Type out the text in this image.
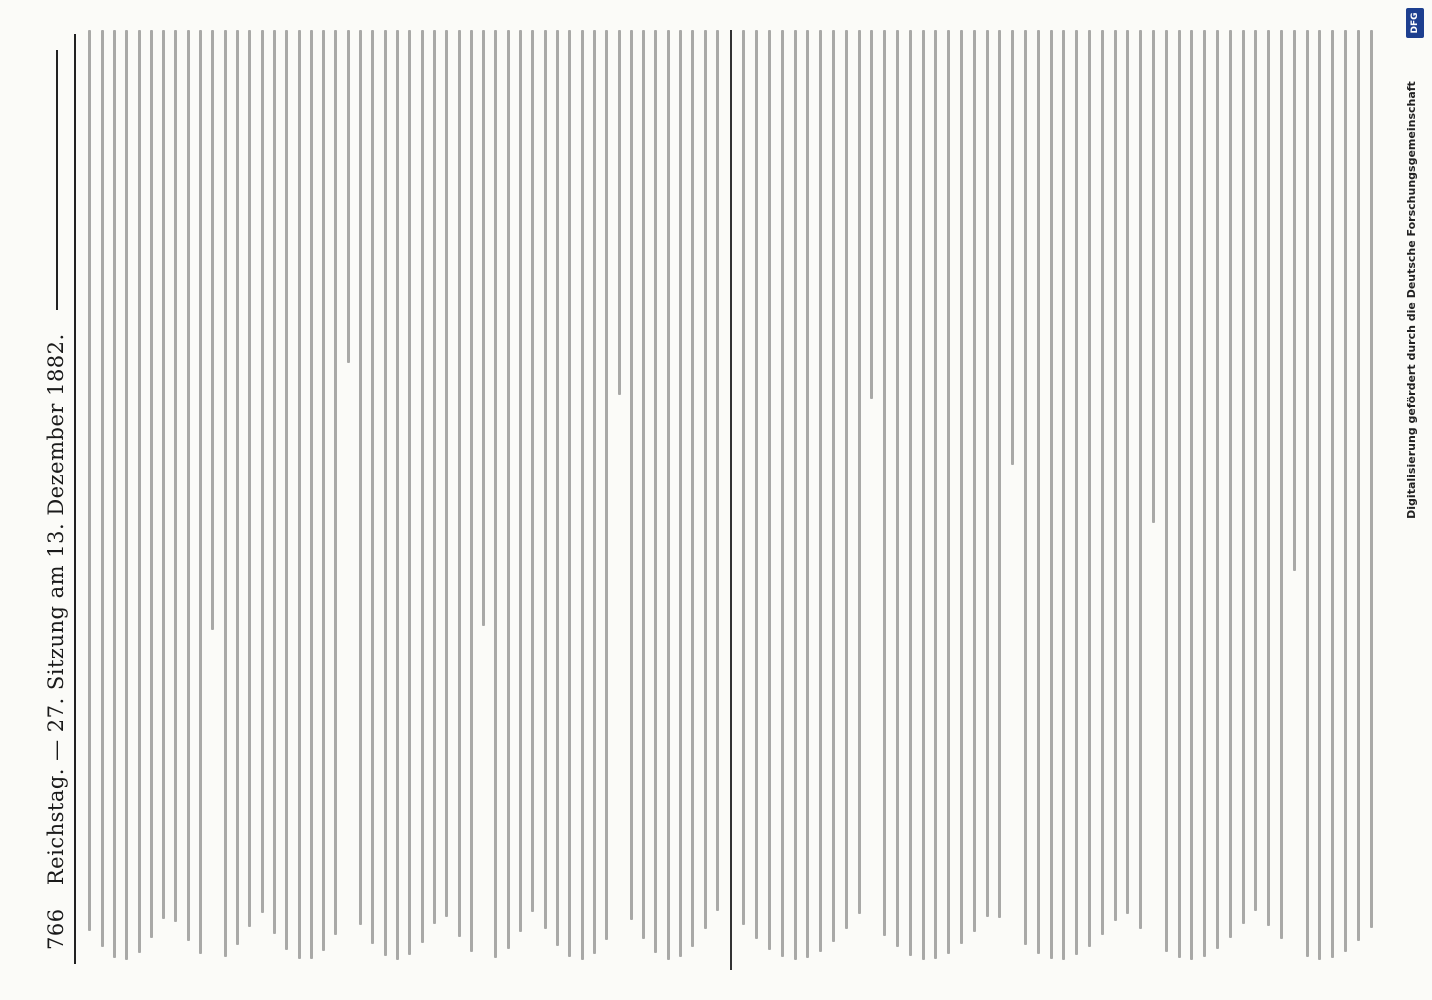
766
Reichstag. — 27. Sitzung am 13. Dezember 1882.
Digitalisierung gefördert durch die Deutsche Forschungsgemeinschaft
DFG
